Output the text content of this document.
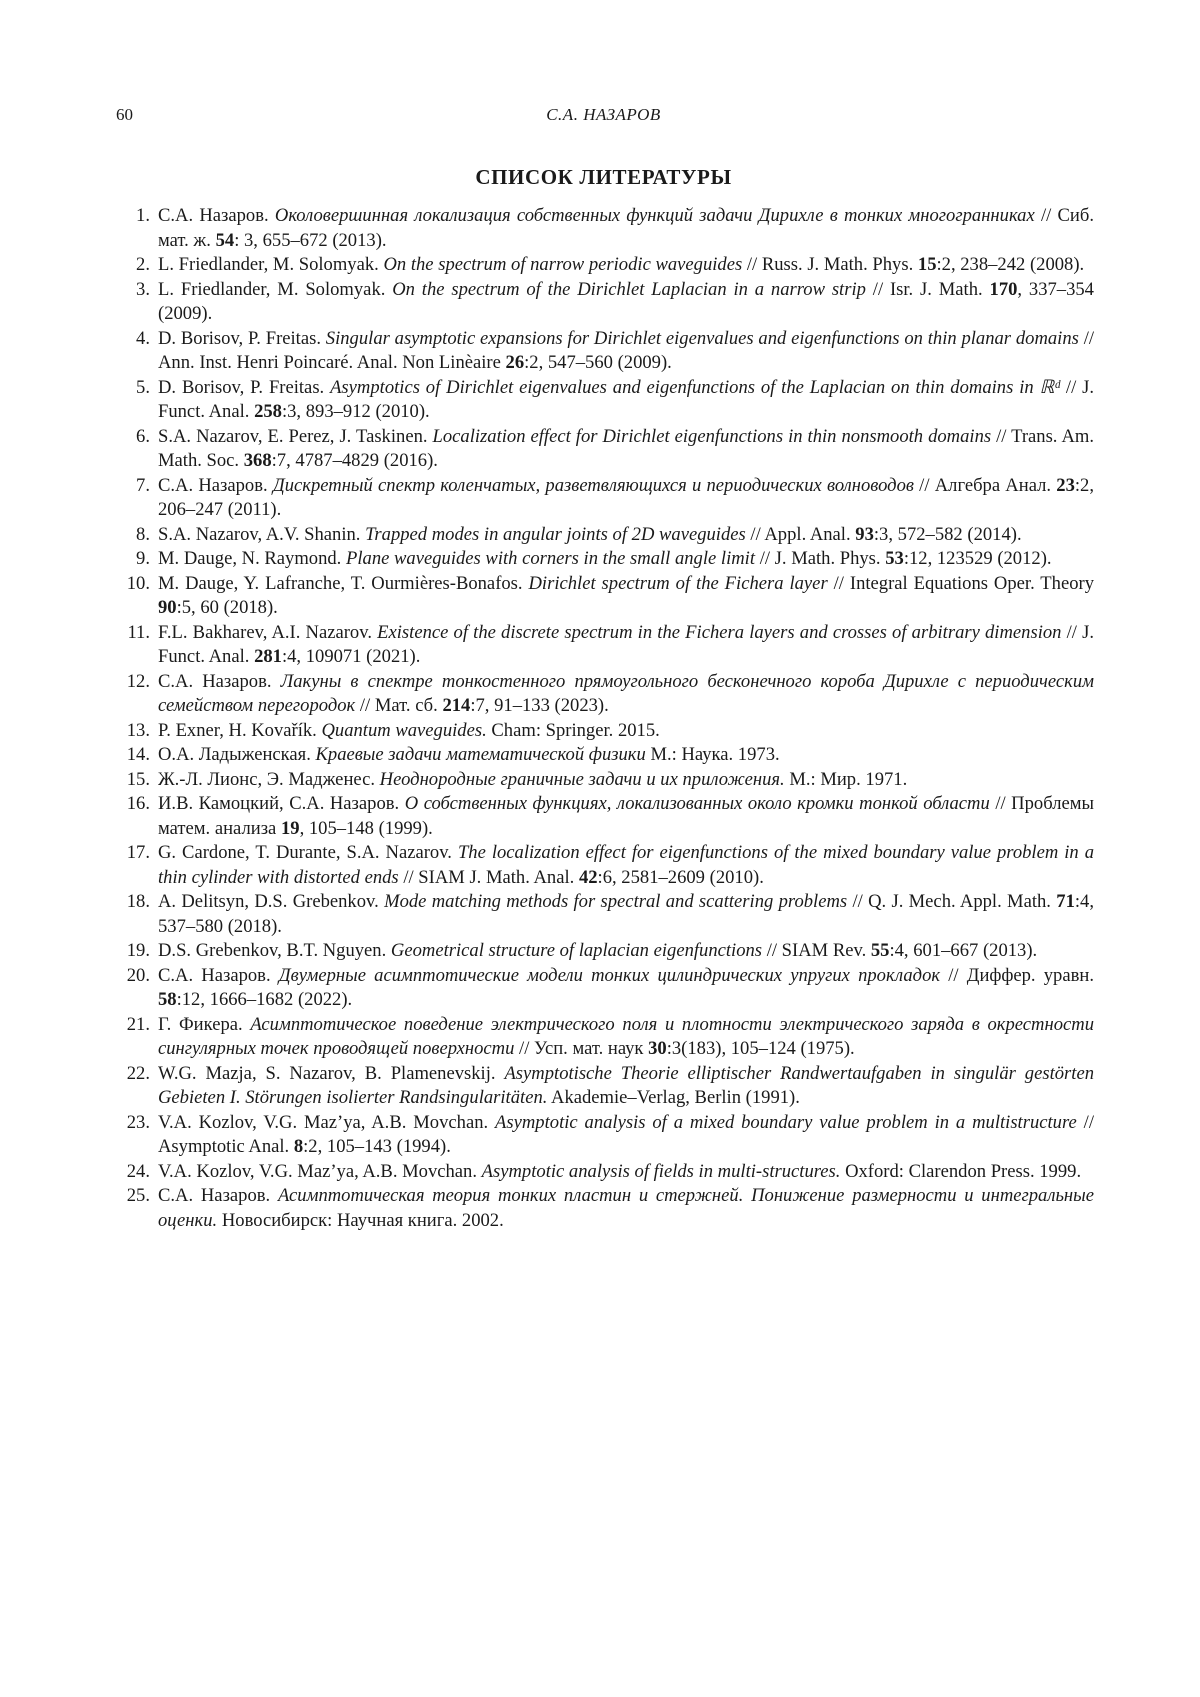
60	С.А. НАЗАРОВ
СПИСОК ЛИТЕРАТУРЫ
1. С.А. Назаров. Околовершинная локализация собственных функций задачи Дирихле в тонких многогранниках // Сиб. мат. ж. 54: 3, 655–672 (2013).
2. L. Friedlander, M. Solomyak. On the spectrum of narrow periodic waveguides // Russ. J. Math. Phys. 15:2, 238–242 (2008).
3. L. Friedlander, M. Solomyak. On the spectrum of the Dirichlet Laplacian in a narrow strip // Isr. J. Math. 170, 337–354 (2009).
4. D. Borisov, P. Freitas. Singular asymptotic expansions for Dirichlet eigenvalues and eigenfunctions on thin planar domains // Ann. Inst. Henri Poincaré. Anal. Non Linèaire 26:2, 547–560 (2009).
5. D. Borisov, P. Freitas. Asymptotics of Dirichlet eigenvalues and eigenfunctions of the Laplacian on thin domains in ℝᵈ // J. Funct. Anal. 258:3, 893–912 (2010).
6. S.A. Nazarov, E. Perez, J. Taskinen. Localization effect for Dirichlet eigenfunctions in thin nonsmooth domains // Trans. Am. Math. Soc. 368:7, 4787–4829 (2016).
7. С.А. Назаров. Дискретный спектр коленчатых, разветвляющихся и периодических волноводов // Алгебра Анал. 23:2, 206–247 (2011).
8. S.A. Nazarov, A.V. Shanin. Trapped modes in angular joints of 2D waveguides // Appl. Anal. 93:3, 572–582 (2014).
9. M. Dauge, N. Raymond. Plane waveguides with corners in the small angle limit // J. Math. Phys. 53:12, 123529 (2012).
10. M. Dauge, Y. Lafranche, T. Ourmières-Bonafos. Dirichlet spectrum of the Fichera layer // Integral Equations Oper. Theory 90:5, 60 (2018).
11. F.L. Bakharev, A.I. Nazarov. Existence of the discrete spectrum in the Fichera layers and crosses of arbitrary dimension // J. Funct. Anal. 281:4, 109071 (2021).
12. С.А. Назаров. Лакуны в спектре тонкостенного прямоугольного бесконечного короба Дирихле с периодическим семейством перегородок // Мат. сб. 214:7, 91–133 (2023).
13. P. Exner, H. Kovařík. Quantum waveguides. Cham: Springer. 2015.
14. О.А. Ладыженская. Краевые задачи математической физики М.: Наука. 1973.
15. Ж.-Л. Лионс, Э. Мадженес. Неоднородные граничные задачи и их приложения. М.: Мир. 1971.
16. И.В. Камоцкий, С.А. Назаров. О собственных функциях, локализованных около кромки тонкой области // Проблемы матем. анализа 19, 105–148 (1999).
17. G. Cardone, T. Durante, S.A. Nazarov. The localization effect for eigenfunctions of the mixed boundary value problem in a thin cylinder with distorted ends // SIAM J. Math. Anal. 42:6, 2581–2609 (2010).
18. A. Delitsyn, D.S. Grebenkov. Mode matching methods for spectral and scattering problems // Q. J. Mech. Appl. Math. 71:4, 537–580 (2018).
19. D.S. Grebenkov, B.T. Nguyen. Geometrical structure of laplacian eigenfunctions // SIAM Rev. 55:4, 601–667 (2013).
20. С.А. Назаров. Двумерные асимптотические модели тонких цилиндрических упругих прокладок // Диффер. уравн. 58:12, 1666–1682 (2022).
21. Г. Фикера. Асимптотическое поведение электрического поля и плотности электрического заряда в окрестности сингулярных точек проводящей поверхности // Усп. мат. наук 30:3(183), 105–124 (1975).
22. W.G. Mazja, S. Nazarov, B. Plamenevskij. Asymptotische Theorie elliptischer Randwertaufgaben in singulär gestörten Gebieten I. Störungen isolierter Randsingularitäten. Akademie–Verlag, Berlin (1991).
23. V.A. Kozlov, V.G. Maz’ya, A.B. Movchan. Asymptotic analysis of a mixed boundary value problem in a multistructure // Asymptotic Anal. 8:2, 105–143 (1994).
24. V.A. Kozlov, V.G. Maz’ya, A.B. Movchan. Asymptotic analysis of fields in multi-structures. Oxford: Clarendon Press. 1999.
25. С.А. Назаров. Асимптотическая теория тонких пластин и стержней. Понижение размерности и интегральные оценки. Новосибирск: Научная книга. 2002.
